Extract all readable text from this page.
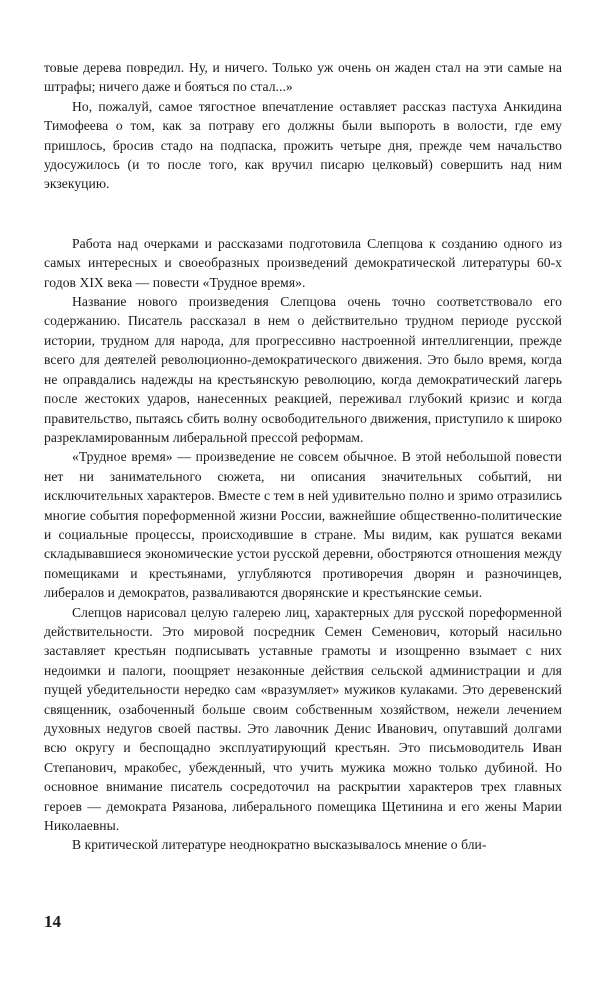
товые дерева повредил. Ну, и ничего. Только уж очень он жаден стал на эти самые на штрафы; ничего даже и бояться по стал...»

Но, пожалуй, самое тягостное впечатление оставляет рассказ пастуха Анкидина Тимофеева о том, как за потраву его должны были выпороть в волости, где ему пришлось, бросив стадо на подпаска, прожить четыре дня, прежде чем начальство удосужилось (и то после того, как вручил писарю целковый) совершить над ним экзекуцию.

Работа над очерками и рассказами подготовила Слепцова к созданию одного из самых интересных и своеобразных произведений демократической литературы 60-х годов XIX века — повести «Трудное время».

Название нового произведения Слепцова очень точно соответствовало его содержанию. Писатель рассказал в нем о действительно трудном периоде русской истории, трудном для народа, для прогрессивно настроенной интеллигенции, прежде всего для деятелей революционно-демократического движения. Это было время, когда не оправдались надежды на крестьянскую революцию, когда демократический лагерь после жестоких ударов, нанесенных реакцией, переживал глубокий кризис и когда правительство, пытаясь сбить волну освободительного движения, приступило к широко разрекламированным либеральной прессой реформам.

«Трудное время» — произведение не совсем обычное. В этой небольшой повести нет ни занимательного сюжета, ни описания значительных событий, ни исключительных характеров. Вместе с тем в ней удивительно полно и зримо отразились многие события пореформенной жизни России, важнейшие общественно-политические и социальные процессы, происходившие в стране. Мы видим, как рушатся веками складывавшиеся экономические устои русской деревни, обостряются отношения между помещиками и крестьянами, углубляются противоречия дворян и разночинцев, либералов и демократов, разваливаются дворянские и крестьянские семьи.

Слепцов нарисовал целую галерею лиц, характерных для русской пореформенной действительности. Это мировой посредник Семен Семенович, который насильно заставляет крестьян подписывать уставные грамоты и изощренно взымает с них недоимки и палоги, поощряет незаконные действия сельской администрации и для пущей убедительности нередко сам «вразумляет» мужиков кулаками. Это деревенский священник, озабоченный больше своим собственным хозяйством, нежели лечением духовных недугов своей паствы. Это лавочник Денис Иванович, опутавший долгами всю округу и беспощадно эксплуатирующий крестьян. Это письмоводитель Иван Степанович, мракобес, убежденный, что учить мужика можно только дубиной. Но основное внимание писатель сосредоточил на раскрытии характеров трех главных героев — демократа Рязанова, либерального помещика Щетинина и его жены Марии Николаевны.

В критической литературе неоднократно высказывалось мнение о бли-

14
